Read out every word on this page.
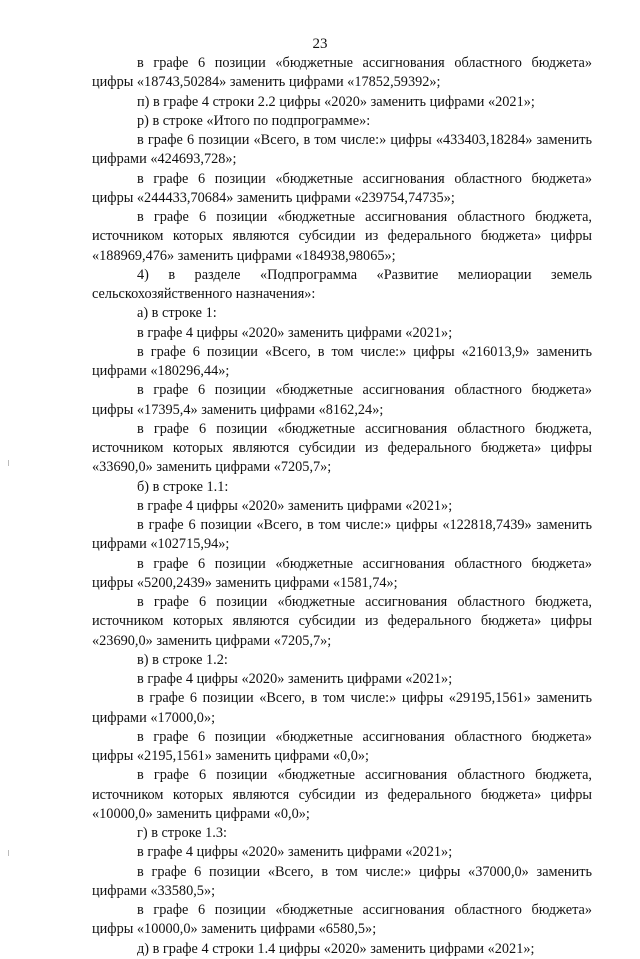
23

в графе 6 позиции «бюджетные ассигнования областного бюджета» цифры «18743,50284» заменить цифрами «17852,59392»;

п) в графе 4 строки 2.2 цифры «2020» заменить цифрами «2021»;

р) в строке «Итого по подпрограмме»:

в графе 6 позиции «Всего, в том числе:» цифры «433403,18284» заменить цифрами «424693,728»;

в графе 6 позиции «бюджетные ассигнования областного бюджета» цифры «244433,70684» заменить цифрами «239754,74735»;

в графе 6 позиции «бюджетные ассигнования областного бюджета, источником которых являются субсидии из федерального бюджета» цифры «188969,476» заменить цифрами «184938,98065»;

4) в разделе «Подпрограмма «Развитие мелиорации земель сельскохозяйственного назначения»:

а) в строке 1:

в графе 4 цифры «2020» заменить цифрами «2021»;

в графе 6 позиции «Всего, в том числе:» цифры «216013,9» заменить цифрами «180296,44»;

в графе 6 позиции «бюджетные ассигнования областного бюджета» цифры «17395,4» заменить цифрами «8162,24»;

в графе 6 позиции «бюджетные ассигнования областного бюджета, источником которых являются субсидии из федерального бюджета» цифры «33690,0» заменить цифрами «7205,7»;

б) в строке 1.1:

в графе 4 цифры «2020» заменить цифрами «2021»;

в графе 6 позиции «Всего, в том числе:» цифры «122818,7439» заменить цифрами «102715,94»;

в графе 6 позиции «бюджетные ассигнования областного бюджета» цифры «5200,2439» заменить цифрами «1581,74»;

в графе 6 позиции «бюджетные ассигнования областного бюджета, источником которых являются субсидии из федерального бюджета» цифры «23690,0» заменить цифрами «7205,7»;

в) в строке 1.2:

в графе 4 цифры «2020» заменить цифрами «2021»;

в графе 6 позиции «Всего, в том числе:» цифры «29195,1561» заменить цифрами «17000,0»;

в графе 6 позиции «бюджетные ассигнования областного бюджета» цифры «2195,1561» заменить цифрами «0,0»;

в графе 6 позиции «бюджетные ассигнования областного бюджета, источником которых являются субсидии из федерального бюджета» цифры «10000,0» заменить цифрами «0,0»;

г) в строке 1.3:

в графе 4 цифры «2020» заменить цифрами «2021»;

в графе 6 позиции «Всего, в том числе:» цифры «37000,0» заменить цифрами «33580,5»;

в графе 6 позиции «бюджетные ассигнования областного бюджета» цифры «10000,0» заменить цифрами «6580,5»;

д) в графе 4 строки 1.4 цифры «2020» заменить цифрами «2021»;
